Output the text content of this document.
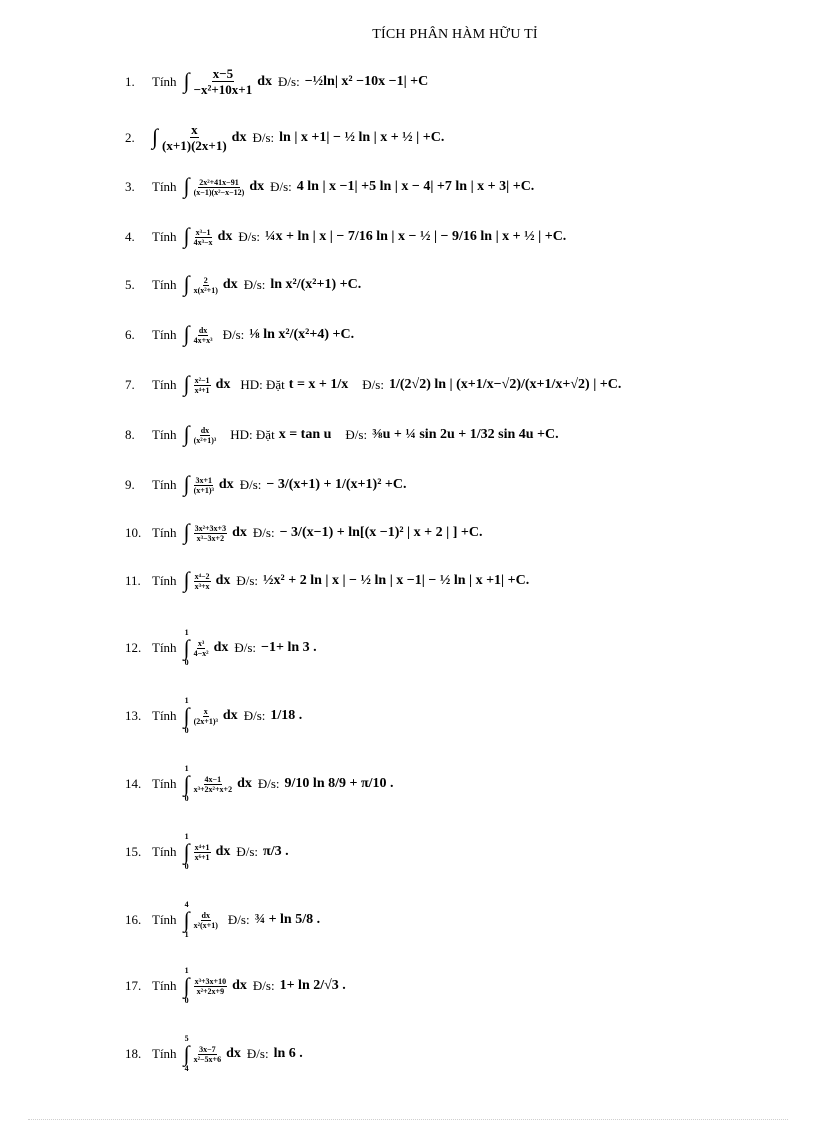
TÍCH PHÂN HÀM HỮU TỈ
1.	Tính ∫ $\frac{x-5}{\text{−x²+10x+1}}$ dx Đ/s: −½ln| x² −10x −1| +C
2. ∫ $\frac{x}{(x+1)(2x+1)}$ dx Đ/s: ln | x +1| − ½ ln | x + ½ | +C.
3.	Tính ∫ $\frac{\text{2x²+41x−91}}{\text{(x−1)(x²−x−12)}}$ dx Đ/s: 4 ln | x −1| +5 ln | x − 4| +7 ln | x + 3| +C.
4.	Tính ∫ $\frac{\text{x³−1}}{\text{4x³−x}}$ dx Đ/s: ¼x + ln | x | − 7/16 ln | x − ½ | − 9/16 ln | x + ½ | +C.
5.	Tính ∫ $\frac{2}{\text{x(x²+1)}}$ dx Đ/s: ln x²/(x²+1) +C.
6.	Tính ∫ $\frac{dx}{\text{4x+x³}}$ Đ/s: ⅛ ln x²/(x²+4) +C.
7.	Tính ∫ $\frac{\text{x²−1}}{\text{x⁴+1}}$ dx HD: Đặt t = x + 1/x Đ/s: 1/(2√2) ln | (x+1/x−√2)/(x+1/x+√2) | +C.
8.	Tính ∫ $\frac{dx}{\text{(x²+1)³}}$ HD: Đặt x = tan u Đ/s: ⅜u + ¼ sin 2u + 1/32 sin 4u +C.
9.	Tính ∫ $\frac{3x+1}{\text{(x+1)³}}$ dx Đ/s: − 3/(x+1) + 1/(x+1)² +C.
10. Tính ∫ $\frac{\text{3x²+3x+3}}{\text{x³−3x+2}}$ dx Đ/s: − 3/(x−1) + ln[(x −1)² | x + 2 | ] +C.
11. Tính ∫ $\frac{\text{x⁴−2}}{\text{x³+x}}$ dx Đ/s: ½x² + 2 ln | x | − ½ ln | x −1| − ½ ln | x +1| +C.
12. Tính
1
∫
0
$\frac{\text{x³}}{\text{4−x²}}$ dx Đ/s: −1+ ln 3 .
13. Tính
1
∫
0
$\frac{x}{\text{(2x+1)³}}$ dx Đ/s: 1/18 .
14. Tính
1
∫
0
$\frac{4x-1}{\text{x³+2x²+x+2}}$ dx Đ/s: 9/10 ln 8/9 + π/10 .
15. Tính
1
∫
0
$\frac{\text{x⁴+1}}{\text{x⁶+1}}$ dx Đ/s: π/3 .
16. Tính
4
∫
1
$\frac{dx}{\text{x²(x+1)}}$ Đ/s: ¾ + ln 5/8 .
17. Tính
1
∫
0
$\frac{\text{x³+3x+10}}{\text{x²+2x+9}}$ dx Đ/s: 1+ ln 2/√3 .
18. Tính
5
∫
4
$\frac{3x-7}{\text{x²−5x+6}}$ dx Đ/s: ln 6 .
